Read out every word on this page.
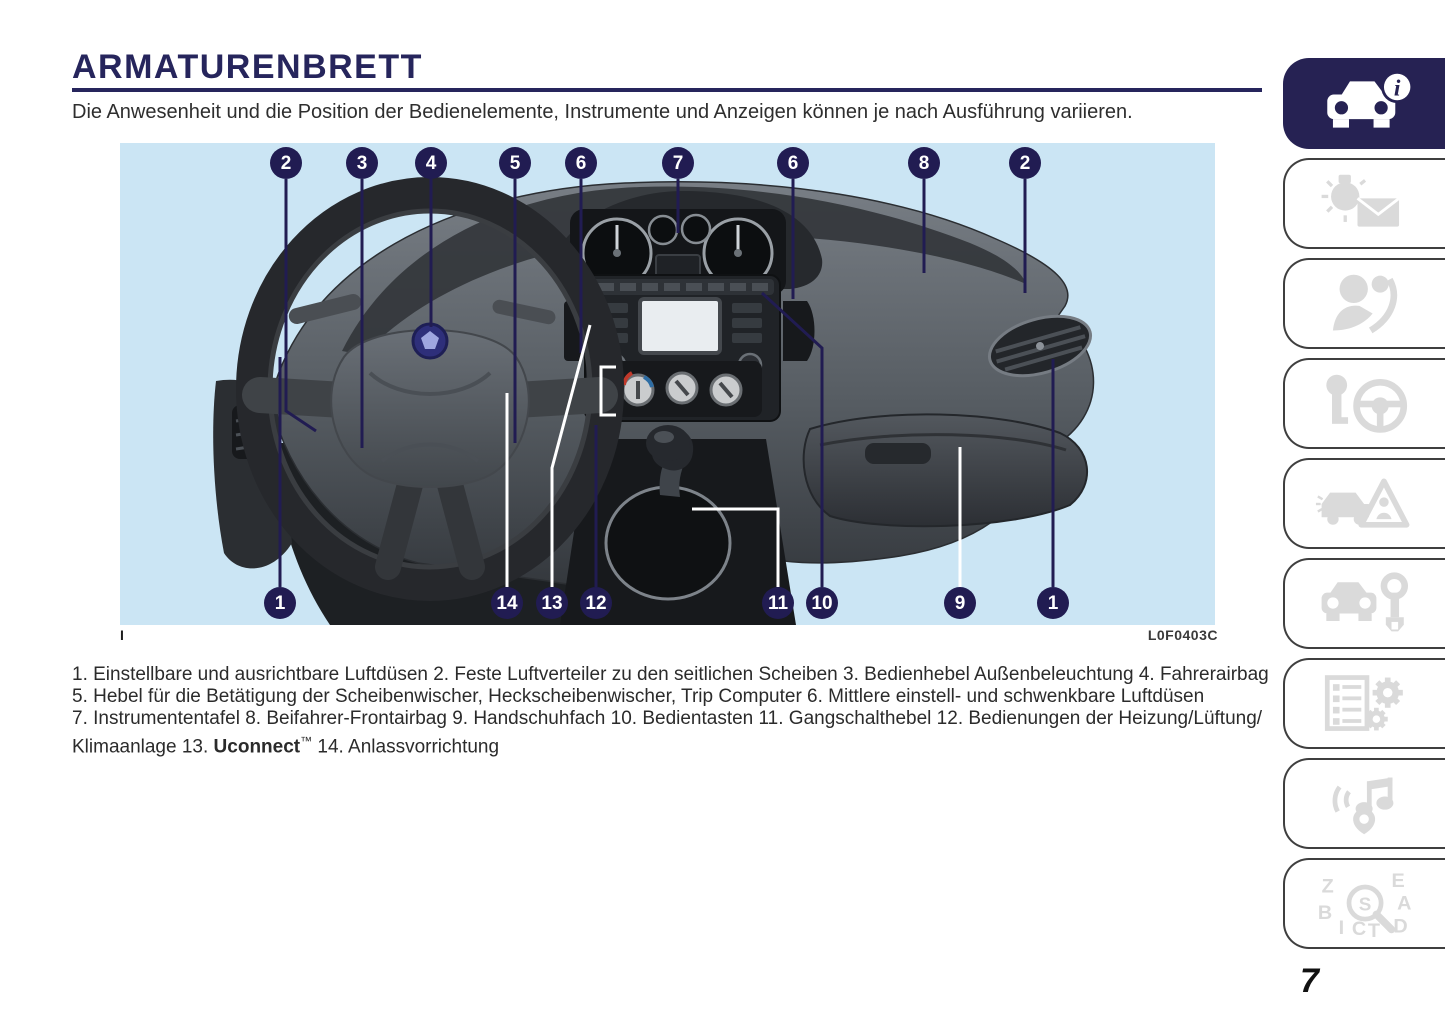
ARMATURENBRETT
Die Anwesenheit und die Position der Bedienelemente, Instrumente und Anzeigen können je nach Ausführung variieren.
2	3	4	5	6	7	6	8	2
1	14 13 12	11	10	9	1
I	L0F0403C
1. Einstellbare und ausrichtbare Luftdüsen 2. Feste Luftverteiler zu den seitlichen Scheiben 3. Bedienhebel Außenbeleuchtung 4. Fahrerairbag
5. Hebel für die Betätigung der Scheibenwischer, Heckscheibenwischer, Trip Computer 6. Mittlere einstell- und schwenkbare Luftdüsen
7. Instrumententafel 8. Beifahrer-Frontairbag 9. Handschuhfach 10. Bedientasten 11. Gangschalthebel 12. Bedienungen der Heizung/Lüftung/
Klimaanlage 13. Uconnect™ 14. Anlassvorrichtung
i
Z	E
B	A
I C T D
S
7
